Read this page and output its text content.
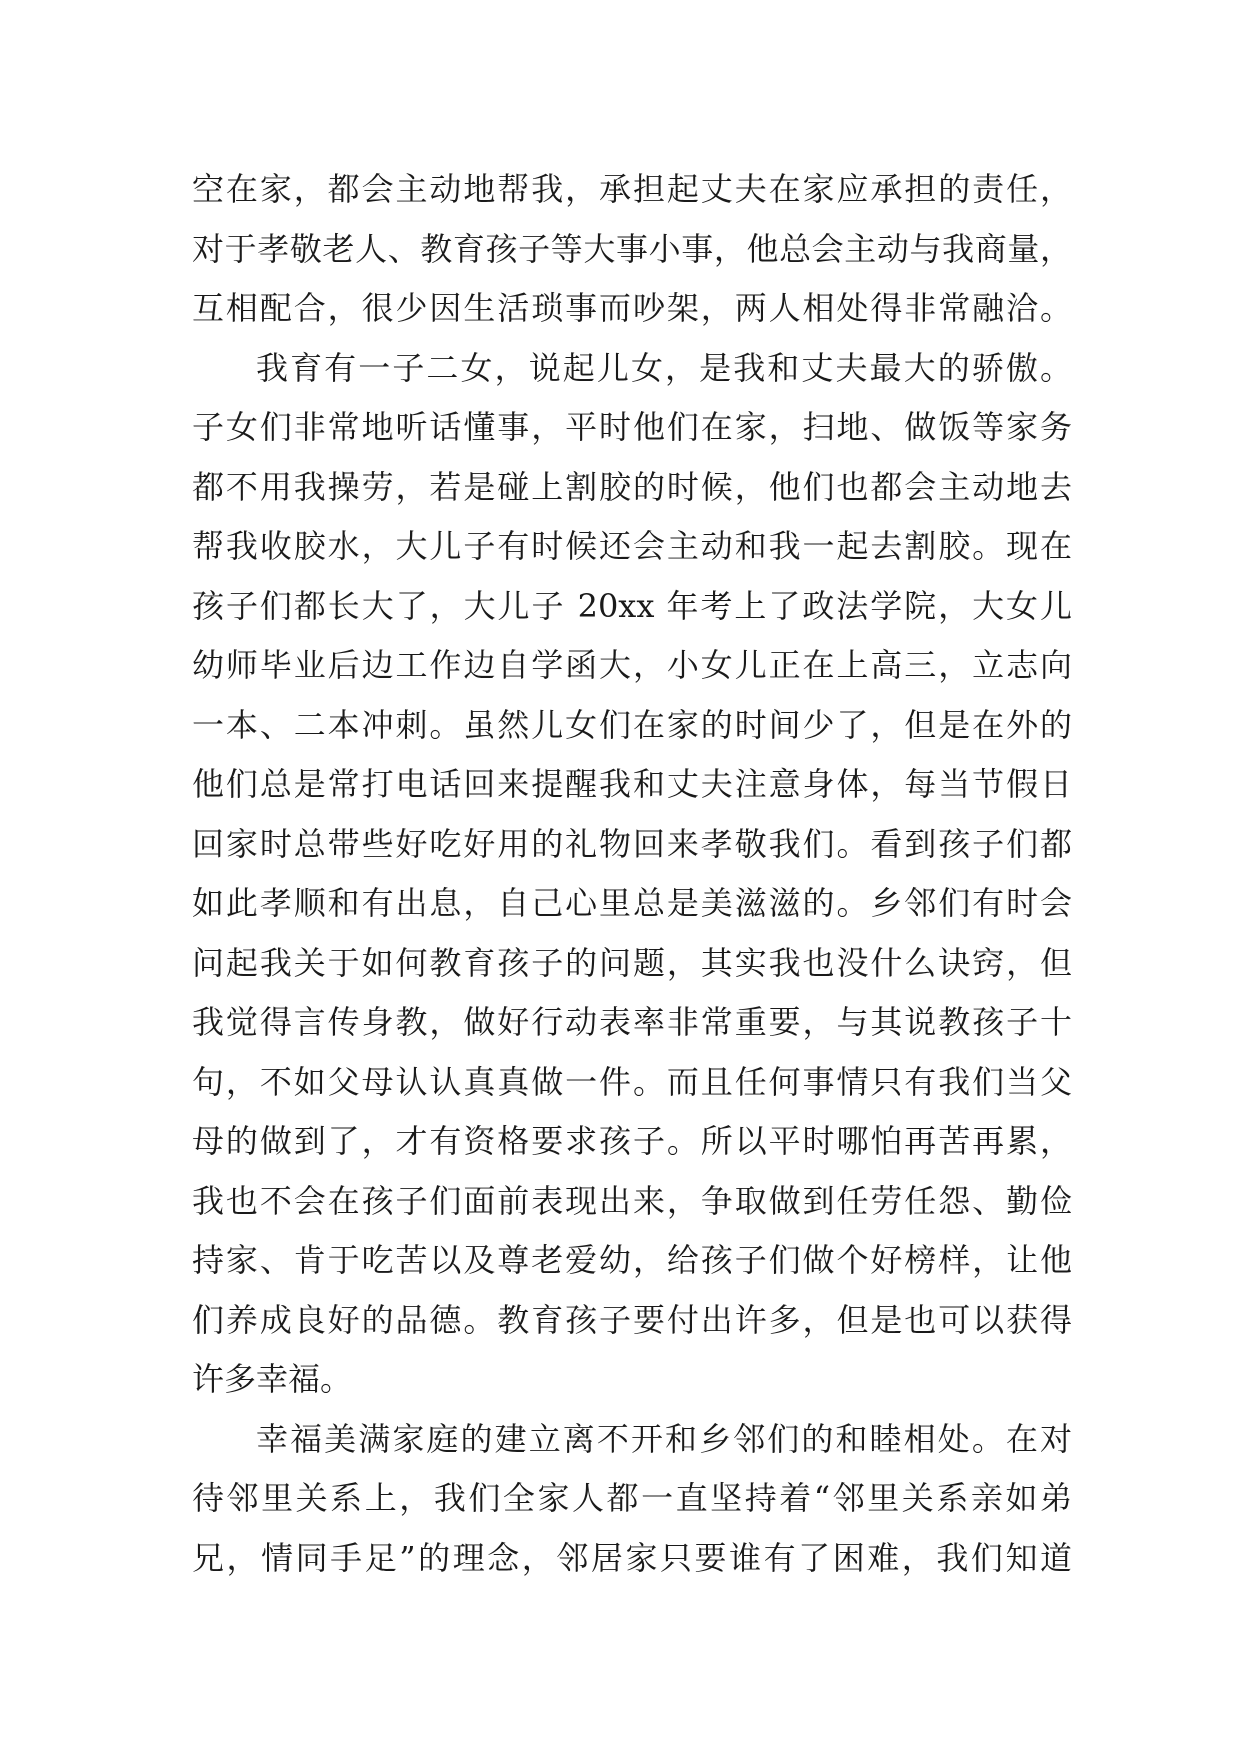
空在家，都会主动地帮我，承担起丈夫在家应承担的责任，
对于孝敬老人、教育孩子等大事小事，他总会主动与我商量，
互相配合，很少因生活琐事而吵架，两人相处得非常融洽。
我育有一子二女，说起儿女，是我和丈夫最大的骄傲。
子女们非常地听话懂事，平时他们在家，扫地、做饭等家务
都不用我操劳，若是碰上割胶的时候，他们也都会主动地去
帮我收胶水，大儿子有时候还会主动和我一起去割胶。现在
孩子们都长大了，大儿子 20xx 年考上了政法学院，大女儿
幼师毕业后边工作边自学函大，小女儿正在上高三，立志向
一本、二本冲刺。虽然儿女们在家的时间少了，但是在外的
他们总是常打电话回来提醒我和丈夫注意身体，每当节假日
回家时总带些好吃好用的礼物回来孝敬我们。看到孩子们都
如此孝顺和有出息，自己心里总是美滋滋的。乡邻们有时会
问起我关于如何教育孩子的问题，其实我也没什么诀窍，但
我觉得言传身教，做好行动表率非常重要，与其说教孩子十
句，不如父母认认真真做一件。而且任何事情只有我们当父
母的做到了，才有资格要求孩子。所以平时哪怕再苦再累，
我也不会在孩子们面前表现出来，争取做到任劳任怨、勤俭
持家、肯于吃苦以及尊老爱幼，给孩子们做个好榜样，让他
们养成良好的品德。教育孩子要付出许多，但是也可以获得
许多幸福。
幸福美满家庭的建立离不开和乡邻们的和睦相处。在对
待邻里关系上，我们全家人都一直坚持着“邻里关系亲如弟
兄，情同手足”的理念，邻居家只要谁有了困难，我们知道
